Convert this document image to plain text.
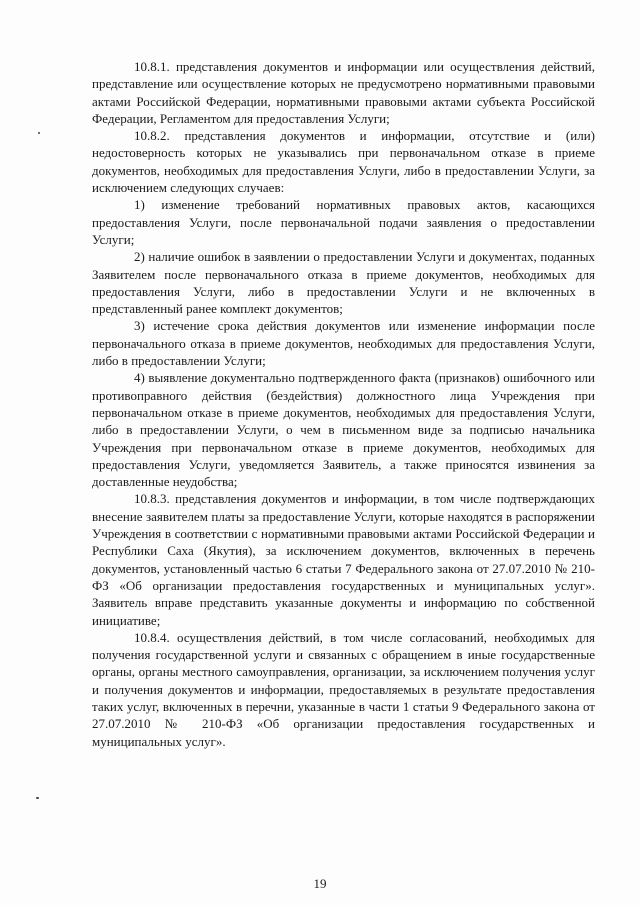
10.8.1. представления документов и информации или осуществления действий, представление или осуществление которых не предусмотрено нормативными правовыми актами Российской Федерации, нормативными правовыми актами субъекта Российской Федерации, Регламентом для предоставления Услуги;

10.8.2. представления документов и информации, отсутствие и (или) недостоверность которых не указывались при первоначальном отказе в приеме документов, необходимых для предоставления Услуги, либо в предоставлении Услуги, за исключением следующих случаев:

1) изменение требований нормативных правовых актов, касающихся предоставления Услуги, после первоначальной подачи заявления о предоставлении Услуги;

2) наличие ошибок в заявлении о предоставлении Услуги и документах, поданных Заявителем после первоначального отказа в приеме документов, необходимых для предоставления Услуги, либо в предоставлении Услуги и не включенных в представленный ранее комплект документов;

3) истечение срока действия документов или изменение информации после первоначального отказа в приеме документов, необходимых для предоставления Услуги, либо в предоставлении Услуги;

4) выявление документально подтвержденного факта (признаков) ошибочного или противоправного действия (бездействия) должностного лица Учреждения при первоначальном отказе в приеме документов, необходимых для предоставления Услуги, либо в предоставлении Услуги, о чем в письменном виде за подписью начальника Учреждения при первоначальном отказе в приеме документов, необходимых для предоставления Услуги, уведомляется Заявитель, а также приносятся извинения за доставленные неудобства;

10.8.3. представления документов и информации, в том числе подтверждающих внесение заявителем платы за предоставление Услуги, которые находятся в распоряжении Учреждения в соответствии с нормативными правовыми актами Российской Федерации и Республики Саха (Якутия), за исключением документов, включенных в перечень документов, установленный частью 6 статьи 7 Федерального закона от 27.07.2010 № 210-ФЗ «Об организации предоставления государственных и муниципальных услуг». Заявитель вправе представить указанные документы и информацию по собственной инициативе;

10.8.4. осуществления действий, в том числе согласований, необходимых для получения государственной услуги и связанных с обращением в иные государственные органы, органы местного самоуправления, организации, за исключением получения услуг и получения документов и информации, предоставляемых в результате предоставления таких услуг, включенных в перечни, указанные в части 1 статьи 9 Федерального закона от 27.07.2010 № 210-ФЗ «Об организации предоставления государственных и муниципальных услуг».

19
